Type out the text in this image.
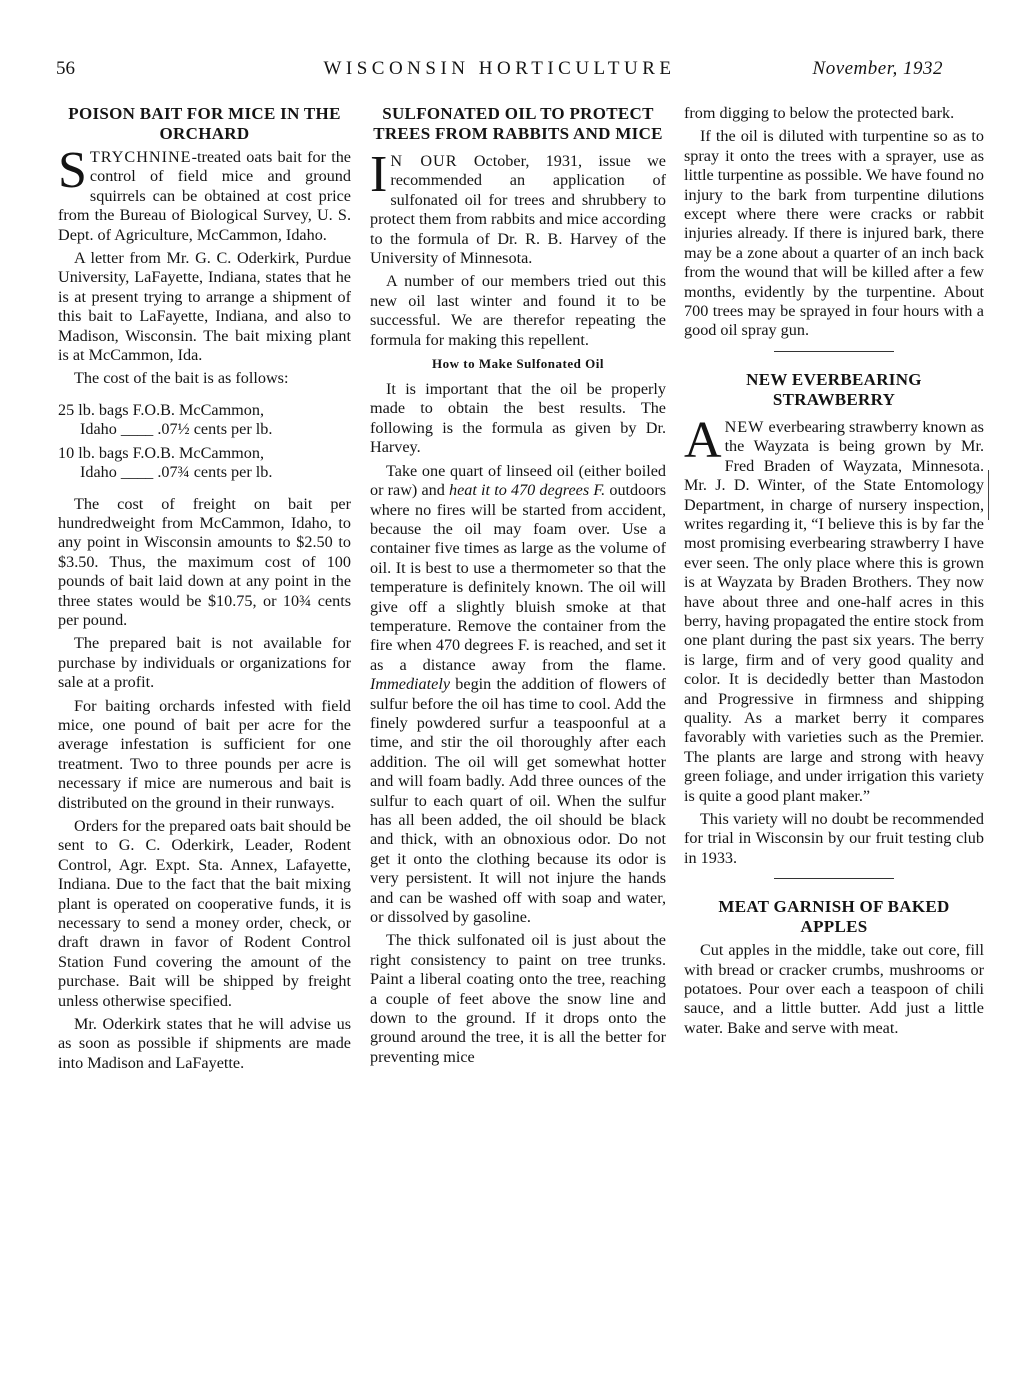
56	WISCONSIN HORTICULTURE	November, 1932
POISON BAIT FOR MICE IN THE ORCHARD

STRYCHNINE-treated oats bait for the control of field mice and ground squirrels can be obtained at cost price from the Bureau of Biological Survey, U. S. Dept. of Agriculture, McCammon, Idaho.

A letter from Mr. G. C. Oderkirk, Purdue University, LaFayette, Indiana, states that he is at present trying to arrange a shipment of this bait to LaFayette, Indiana, and also to Madison, Wisconsin. The bait mixing plant is at McCammon, Ida.

The cost of the bait is as follows:

25 lb. bags F.O.B. McCammon,
Idaho ____ .07½ cents per lb.
10 lb. bags F.O.B. McCammon,
Idaho ____ .07¾ cents per lb.

The cost of freight on bait per hundredweight from McCammon, Idaho, to any point in Wisconsin amounts to $2.50 to $3.50. Thus, the maximum cost of 100 pounds of bait laid down at any point in the three states would be $10.75, or 10¾ cents per pound.

The prepared bait is not available for purchase by individuals or organizations for sale at a profit.

For baiting orchards infested with field mice, one pound of bait per acre for the average infestation is sufficient for one treatment. Two to three pounds per acre is necessary if mice are numerous and bait is distributed on the ground in their runways.

Orders for the prepared oats bait should be sent to G. C. Oderkirk, Leader, Rodent Control, Agr. Expt. Sta. Annex, Lafayette, Indiana. Due to the fact that the bait mixing plant is operated on cooperative funds, it is necessary to send a money order, check, or draft drawn in favor of Rodent Control Station Fund covering the amount of the purchase. Bait will be shipped by freight unless otherwise specified.

Mr. Oderkirk states that he will advise us as soon as possible if shipments are made into Madison and LaFayette.

SULFONATED OIL TO PROTECT TREES FROM RABBITS AND MICE

I N OUR October, 1931, issue we recommended an application of sulfonated oil for trees and shrubbery to protect them from rabbits and mice according to the formula of Dr. R. B. Harvey of the University of Minnesota.

A number of our members tried out this new oil last winter and found it to be successful. We are therefor repeating the formula for making this repellent.

How to Make Sulfonated Oil

It is important that the oil be properly made to obtain the best results. The following is the formula as given by Dr. Harvey.

Take one quart of linseed oil (either boiled or raw) and heat it to 470 degrees F. outdoors where no fires will be started from accident, because the oil may foam over. Use a container five times as large as the volume of oil. It is best to use a thermometer so that the temperature is definitely known. The oil will give off a slightly bluish smoke at that temperature. Remove the container from the fire when 470 degrees F. is reached, and set it as a distance away from the flame. Immediately begin the addition of flowers of sulfur before the oil has time to cool. Add the finely powdered surfur a teaspoonful at a time, and stir the oil thoroughly after each addition. The oil will get somewhat hotter and will foam badly. Add three ounces of the sulfur to each quart of oil. When the sulfur has all been added, the oil should be black and thick, with an obnoxious odor. Do not get it onto the clothing because its odor is very persistent. It will not injure the hands and can be washed off with soap and water, or dissolved by gasoline.

The thick sulfonated oil is just about the right consistency to paint on tree trunks. Paint a liberal coating onto the tree, reaching a couple of feet above the snow line and down to the ground. If it drops onto the ground around the tree, it is all the better for preventing mice

from digging to below the protected bark.

If the oil is diluted with turpentine so as to spray it onto the trees with a sprayer, use as little turpentine as possible. We have found no injury to the bark from turpentine dilutions except where there were cracks or rabbit injuries already. If there is injured bark, there may be a zone about a quarter of an inch back from the wound that will be killed after a few months, evidently by the turpentine. About 700 trees may be sprayed in four hours with a good oil spray gun.

NEW EVERBEARING STRAWBERRY

ANEW everbearing strawberry known as the Wayzata is being grown by Mr. Fred Braden of Wayzata, Minnesota. Mr. J. D. Winter, of the State Entomology Department, in charge of nursery inspection, writes regarding it, “I believe this is by far the most promising everbearing strawberry I have ever seen. The only place where this is grown is at Wayzata by Braden Brothers. They now have about three and one-half acres in this berry, having propagated the entire stock from one plant during the past six years. The berry is large, firm and of very good quality and color. It is decidedly better than Mastodon and Progressive in firmness and shipping quality. As a market berry it compares favorably with varieties such as the Premier. The plants are large and strong with heavy green foliage, and under irrigation this variety is quite a good plant maker.”

This variety will no doubt be recommended for trial in Wisconsin by our fruit testing club in 1933.

MEAT GARNISH OF BAKED APPLES

Cut apples in the middle, take out core, fill with bread or cracker crumbs, mushrooms or potatoes. Pour over each a teaspoon of chili sauce, and a little butter. Add just a little water. Bake and serve with meat.
